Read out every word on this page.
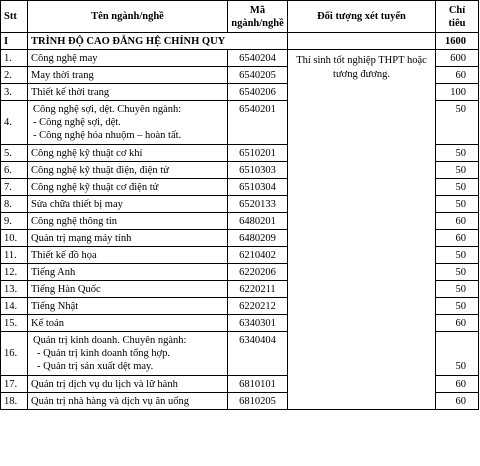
Stt	Tên ngành/nghề	Mã
ngành/nghề	Đối tượng xét tuyển	Chỉ
tiêu
I	TRÌNH ĐỘ CAO ĐẲNG HỆ CHÍNH QUY			1600
1.	Công nghệ may	6540204	Thí sinh tốt nghiệp THPT hoặc tương đương.	600
2.	May thời trang	6540205		60
3.	Thiết kế thời trang	6540206		100
4.	Công nghệ sợi, dệt. Chuyên ngành:
- Công nghệ sợi, dệt.
- Công nghệ hóa nhuộm – hoàn tất.	6540201		50
5.	Công nghệ kỹ thuật cơ khí	6510201		50
6.	Công nghệ kỹ thuật điện, điện tử	6510303		50
7.	Công nghệ kỹ thuật cơ điện tử	6510304		50
8.	Sửa chữa thiết bị may	6520133		50
9.	Công nghệ thông tin	6480201		60
10.	Quản trị mạng máy tính	6480209		60
11.	Thiết kế đồ họa	6210402		50
12.	Tiếng Anh	6220206		50
13.	Tiếng Hàn Quốc	6220211		50
14.	Tiếng Nhật	6220212		50
15.	Kế toán	6340301		60
16.	Quản trị kinh doanh. Chuyên ngành:
- Quản trị kinh doanh tổng hợp.
- Quản trị sản xuất dệt may.	6340404		50
17.	Quản trị dịch vụ du lịch và lữ hành	6810101		60
18.	Quản trị nhà hàng và dịch vụ ăn uống	6810205		60
